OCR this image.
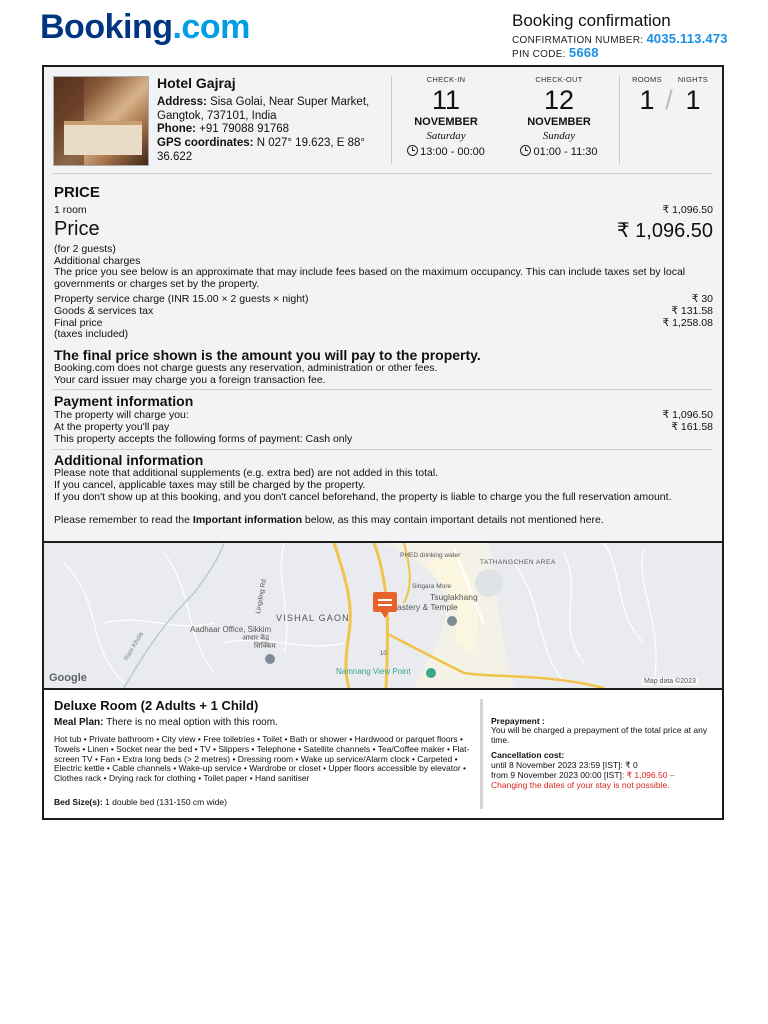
Booking.com	Booking confirmation
CONFIRMATION NUMBER: 4035.113.473
PIN CODE: 5668
Hotel Gajraj
Address: Sisa Golai, Near Super Market, Gangtok, 737101, India
Phone: +91 79088 91768
GPS coordinates: N 027° 19.623, E 88° 36.622
CHECK-IN
11
NOVEMBER
Saturday
13:00 - 00:00
CHECK-OUT
12
NOVEMBER
Sunday
01:00 - 11:30
ROOMS	NIGHTS
1 / 1
PRICE
1 room	₹ 1,096.50
Price	₹ 1,096.50
(for 2 guests)
Additional charges
The price you see below is an approximate that may include fees based on the maximum occupancy. This can include taxes set by local governments or charges set by the property.
Property service charge (INR 15.00 × 2 guests × night)	₹ 30
Goods & services tax	₹ 131.58
Final price	₹ 1,258.08
(taxes included)
The final price shown is the amount you will pay to the property.
Booking.com does not charge guests any reservation, administration or other fees.
Your card issuer may charge you a foreign transaction fee.
Payment information
The property will charge you:	₹ 1,096.50
At the property you'll pay	₹ 161.58
This property accepts the following forms of payment: Cash only
Additional information
Please note that additional supplements (e.g. extra bed) are not added in this total.
If you cancel, applicable taxes may still be charged by the property.
If you don't show up at this booking, and you don't cancel beforehand, the property is liable to charge you the full reservation amount.
Please remember to read the Important information below, as this may contain important details not mentioned here.
PHED drinking water
TATHANGCHEN AREA
Singara More
Tsuglakhang
astery & Temple
VISHAL GAON
Aadhaar Office, Sikkim
आधार केंद्र
सिक्किम
Namnang View Point
Rani Khola
Lingding Rd
10
Google	Map data ©2023
Deluxe Room (2 Adults + 1 Child)
Meal Plan: There is no meal option with this room.
Hot tub • Private bathroom • City view • Free toiletries • Toilet • Bath or shower • Hardwood or parquet floors • Towels • Linen • Socket near the bed • TV • Slippers • Telephone • Satellite channels • Tea/Coffee maker • Flat-screen TV • Fan • Extra long beds (> 2 metres) • Dressing room • Wake up service/Alarm clock • Carpeted • Electric kettle • Cable channels • Wake-up service • Wardrobe or closet • Upper floors accessible by elevator • Clothes rack • Drying rack for clothing • Toilet paper • Hand sanitiser
Bed Size(s): 1 double bed (131-150 cm wide)
Prepayment :
You will be charged a prepayment of the total price at any time.
Cancellation cost:
until 8 November 2023 23:59 [IST]: ₹ 0
from 9 November 2023 00:00 [IST]: ₹ 1,096.50 –
Changing the dates of your stay is not possible.
